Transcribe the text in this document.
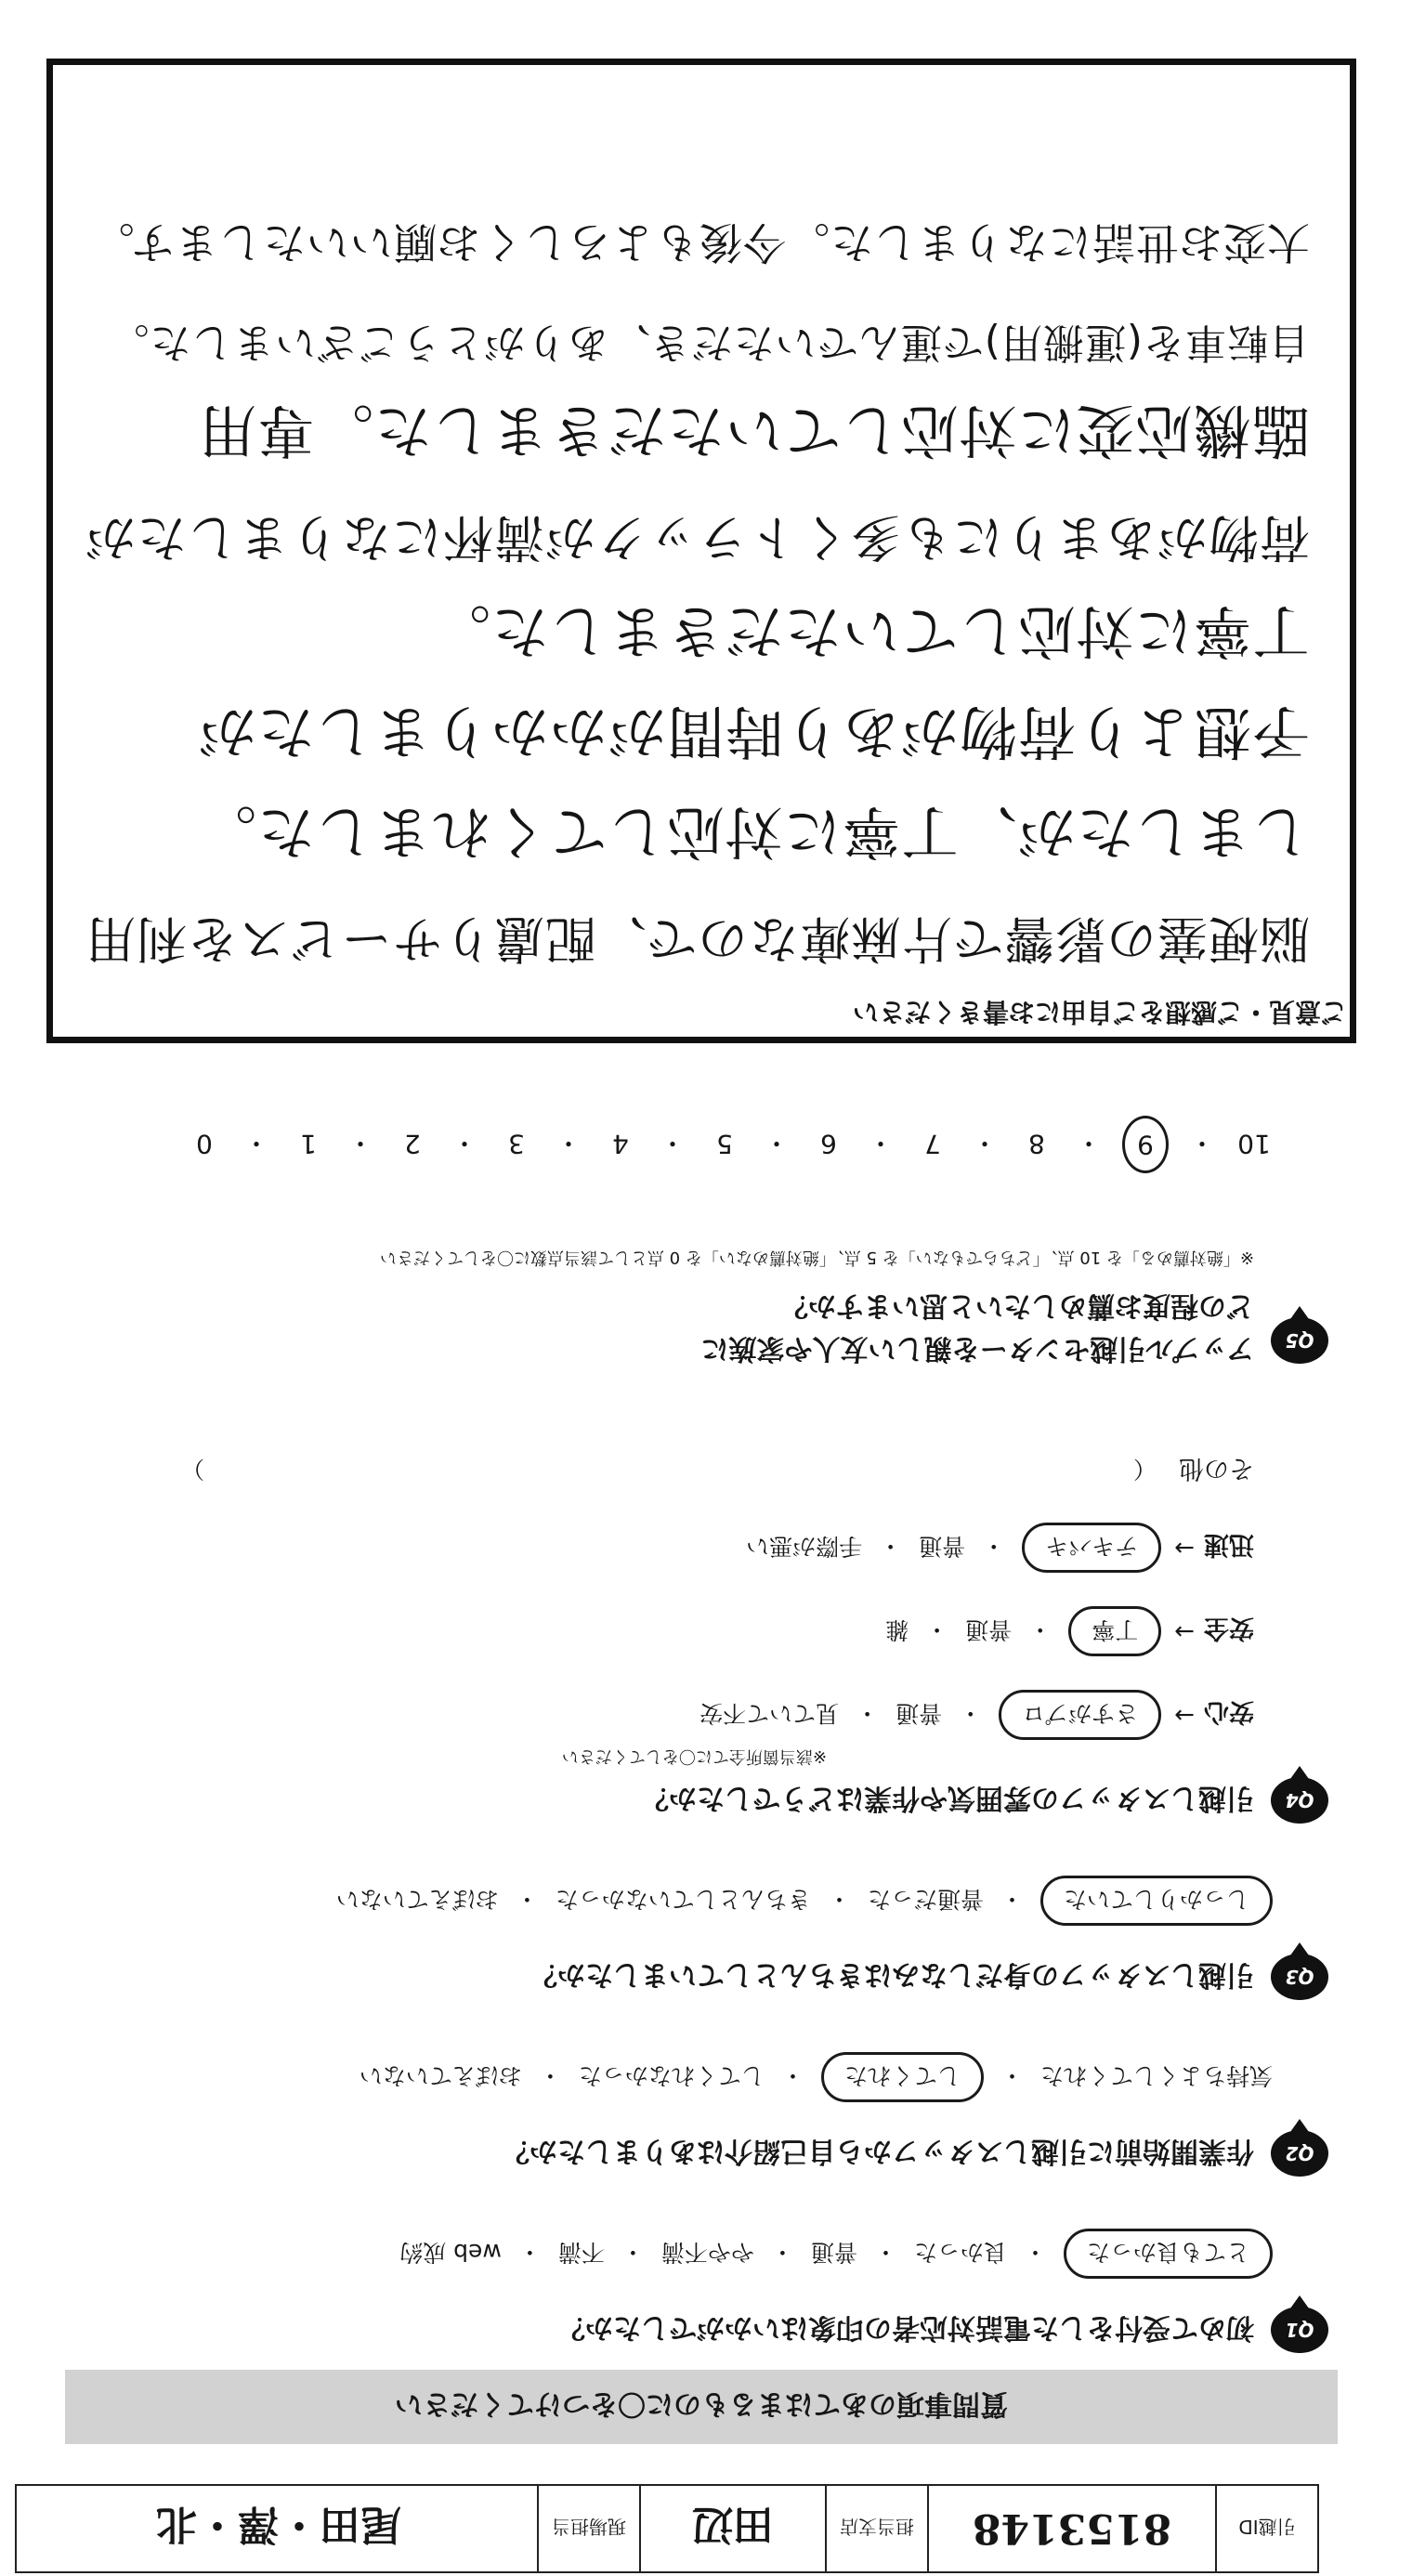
引越ID
8153148
担当支店
田辺
現場担当
尾田・澤・北
質問事項のあてはまるものに〇をつけてください
Q1
初めて受付をした電話対応者の印象はいかがでしたか？
とても良かった
・
良かった
・
普通
・
やや不満
・
不満
・
web 成約
Q2
作業開始前に引越しスタッフから自己紹介はありましたか？
気持ちよくしてくれた
・
してくれた
・
してくれなかった
・
おぼえていない
Q3
引越しスタッフの身だしなみはきちんとしていましたか？
しっかりしていた
・
普通だった
・
きちんとしていなかった
・
おぼえていない
Q4
引越しスタッフの雰囲気や作業はどうでしたか？
※該当箇所全てに〇をしてください
安心
→
さすがプロ
・
普通
・
見ていて不安
安全
→
丁寧
・
普通
・
雑
迅速
→
テキパキ
・
普通
・
手際が悪い
その他
（
）
Q5
アップル引越センターを親しい友人や家族に
どの程度お薦めしたいと思いますか？
※「絶対薦める」を 10 点、「どちらでもない」を 5 点、「絶対薦めない」を 0 点として該当点数に〇をしてください
10
・
9
・
8
・
7
・
6
・
5
・
4
・
3
・
2
・
1
・
0
ご意見・ご感想をご自由にお書きください
脳梗塞の影響で片麻痺なので、配慮りサービスを利用
しましたが、丁寧に対応してくれました。
予想より荷物があり時間がかかりましたが
丁寧に対応していただきました。
荷物があまりにも多くトラックが満杯になりましたが
臨機応変に対応していただきました。専用
自転車を(運搬用)で運んでいただき、ありがとうございました。
大変お世話になりました。今後もよろしくお願いいたします。
